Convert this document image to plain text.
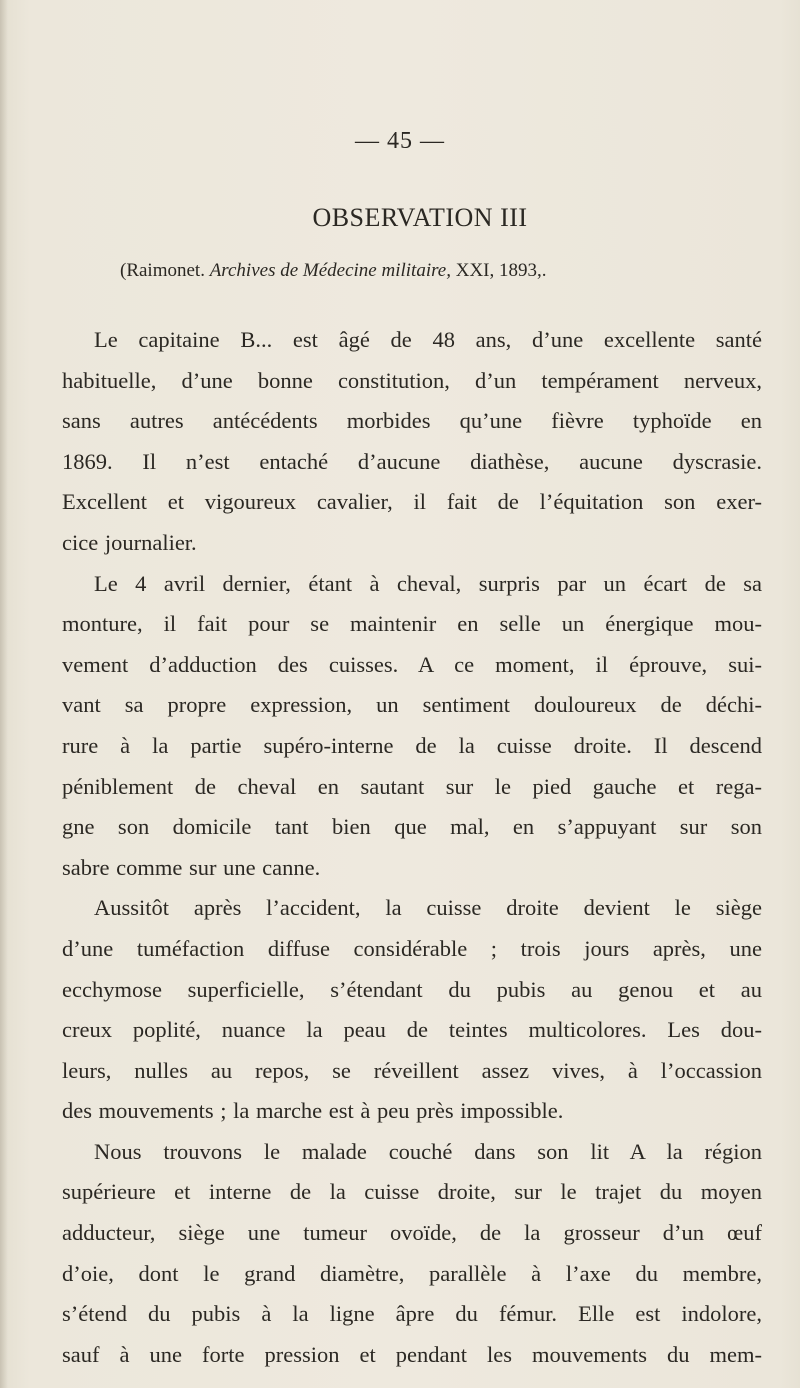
— 45 —
OBSERVATION III
(Raimonet. Archives de Médecine militaire, XXI, 1893,.

Le capitaine B... est âgé de 48 ans, d’une excellente santé

habituelle, d’une bonne constitution, d’un tempérament nerveux,

sans autres antécédents morbides qu’une fièvre typhoïde en

1869. Il n’est entaché d’aucune diathèse, aucune dyscrasie.

Excellent et vigoureux cavalier, il fait de l’équitation son exer-

cice journalier.

Le 4 avril dernier, étant à cheval, surpris par un écart de sa

monture, il fait pour se maintenir en selle un énergique mou-

vement d’adduction des cuisses. A ce moment, il éprouve, sui-

vant sa propre expression, un sentiment douloureux de déchi-

rure à la partie supéro-interne de la cuisse droite. Il descend

péniblement de cheval en sautant sur le pied gauche et rega-

gne son domicile tant bien que mal, en s’appuyant sur son

sabre comme sur une canne.

Aussitôt après l’accident, la cuisse droite devient le siège

d’une tuméfaction diffuse considérable ; trois jours après, une

ecchymose superficielle, s’étendant du pubis au genou et au

creux poplité, nuance la peau de teintes multicolores. Les dou-

leurs, nulles au repos, se réveillent assez vives, à l’occassion

des mouvements ; la marche est à peu près impossible.

Nous trouvons le malade couché dans son lit A la région

supérieure et interne de la cuisse droite, sur le trajet du moyen

adducteur, siège une tumeur ovoïde, de la grosseur d’un œuf

d’oie, dont le grand diamètre, parallèle à l’axe du membre,

s’étend du pubis à la ligne âpre du fémur. Elle est indolore,

sauf à une forte pression et pendant les mouvements du mem-
